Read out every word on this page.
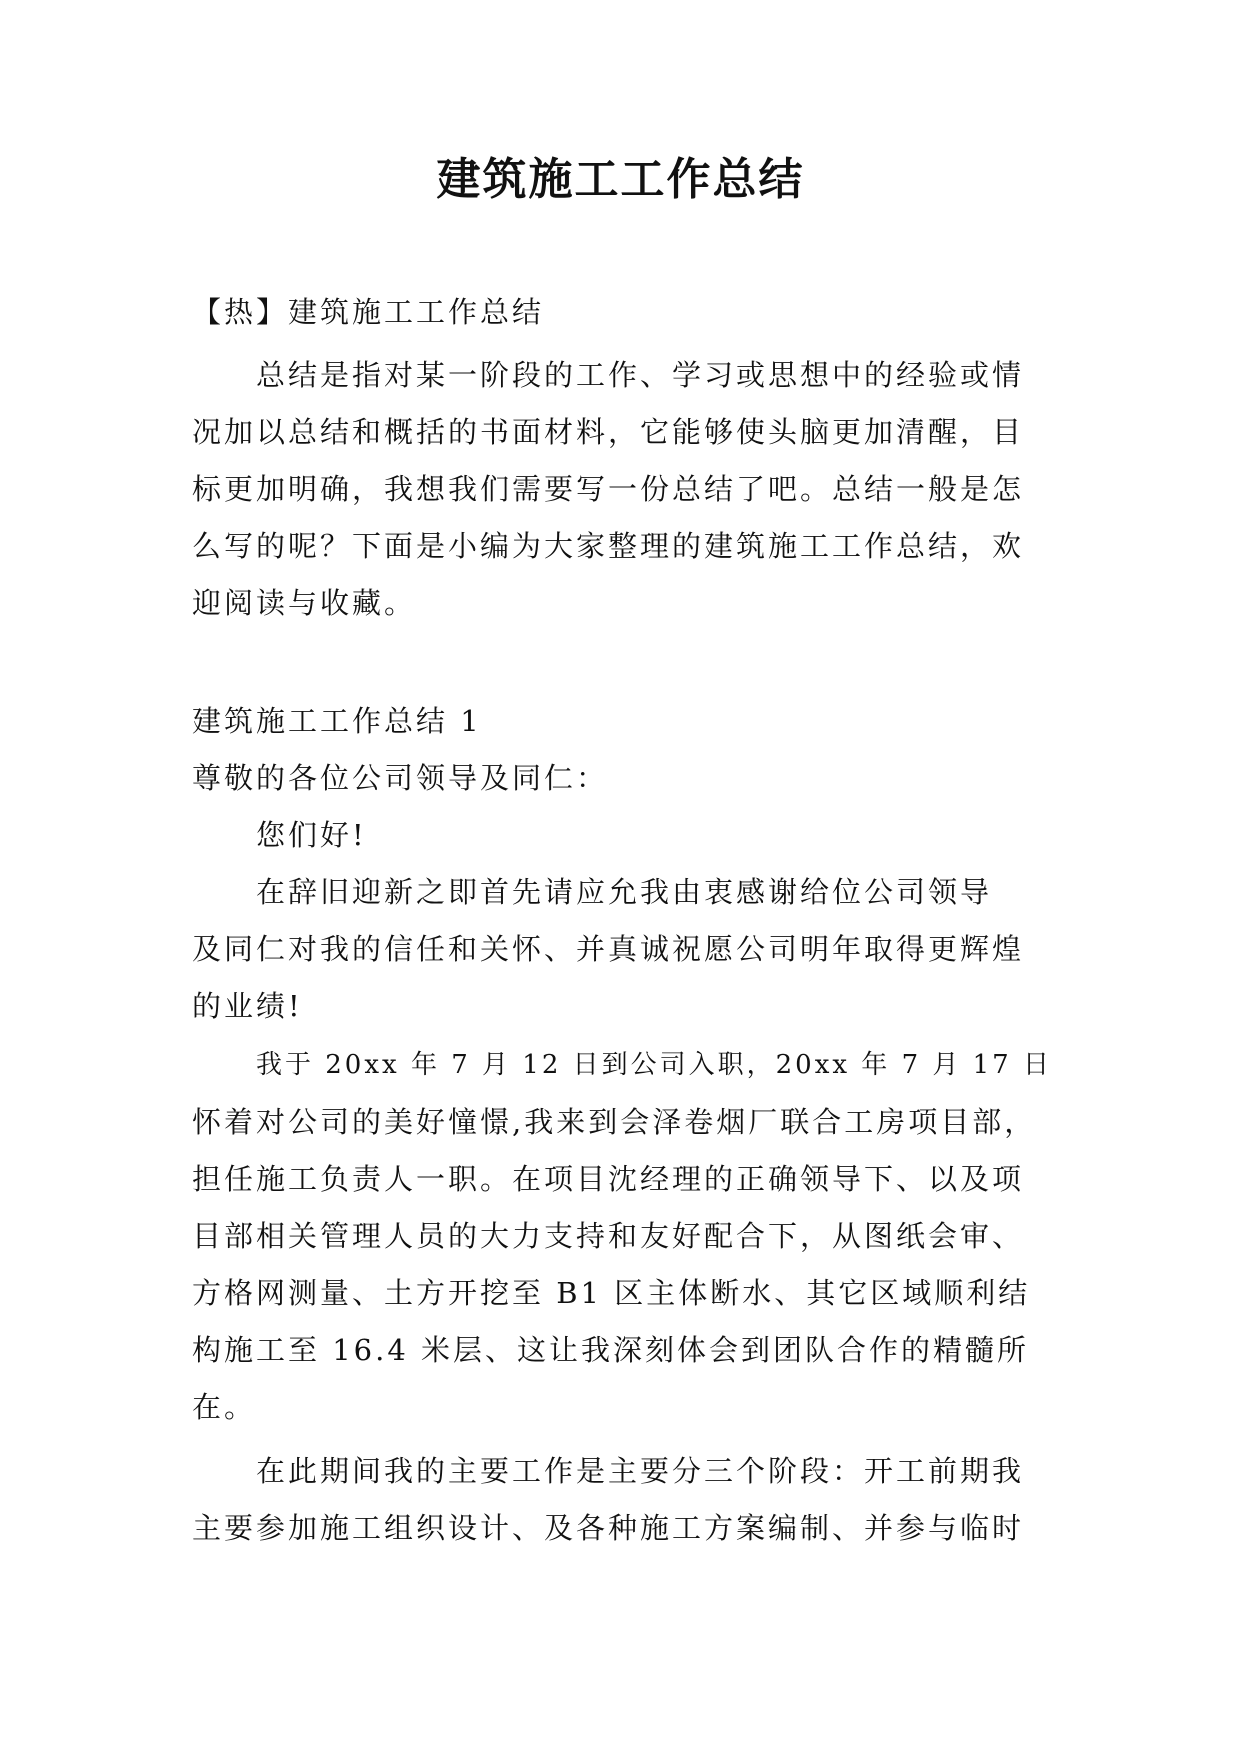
建筑施工工作总结
【热】建筑施工工作总结
总结是指对某一阶段的工作、学习或思想中的经验或情
况加以总结和概括的书面材料，它能够使头脑更加清醒，目
标更加明确，我想我们需要写一份总结了吧。总结一般是怎
么写的呢？下面是小编为大家整理的建筑施工工作总结，欢
迎阅读与收藏。
建筑施工工作总结 1
尊敬的各位公司领导及同仁：
您们好!
在辞旧迎新之即首先请应允我由衷感谢给位公司领导
及同仁对我的信任和关怀、并真诚祝愿公司明年取得更辉煌
的业绩!
我于 20xx 年 7 月 12 日到公司入职，20xx 年 7 月 17 日
怀着对公司的美好憧憬,我来到会泽卷烟厂联合工房项目部，
担任施工负责人一职。在项目沈经理的正确领导下、以及项
目部相关管理人员的大力支持和友好配合下，从图纸会审、
方格网测量、土方开挖至 B1 区主体断水、其它区域顺利结
构施工至 16.4 米层、这让我深刻体会到团队合作的精髓所
在。
在此期间我的主要工作是主要分三个阶段：开工前期我
主要参加施工组织设计、及各种施工方案编制、并参与临时
